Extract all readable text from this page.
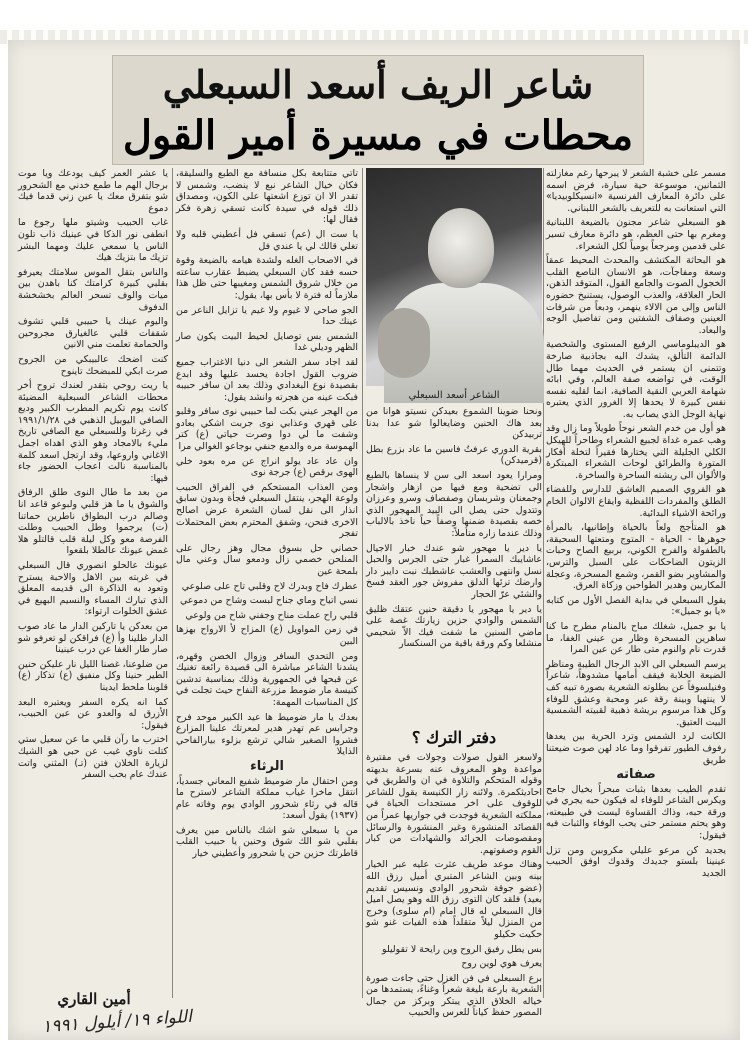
شاعر الريف أسعد السبعلي
محطات في مسيرة أمير القول

مسمر على خشبة الشعر لا يبرحها رغم مغازلته الثمانين، موسوعة حية سيارة، فرض اسمه على دائرة المعارف الفرنسية «انسيكلوبيديا» التي استعانت به للتعريف بالشعر اللبناني.

هو السبعلي شاعر مجنون بالضيعة اللبنانية ومغرم بها حتى العظم، هو دائرة معارف تسير على قدمين ومرجعاً يومياً لكل الشعراء.

هو البحاثة المكتشف والمحدث المحيط عمقاً وسعة ومفاجآت، هو الانسان الناصع القلب الخجول الصوت والجامع القول، المتوقد الذهن، الحار العلاقة، والعذب الوصول، يستنيخ حضوره الناس وإلى من الالاء ينهمر، ودبعاً من شرفات العينين وصفاف الشفتين ومن تفاصيل الوجه والبعاد.

هو الديبلوماسي الرفيع المستوى والشخصية الدائمة التألق، يشدك اليه بجاذبية صارخة وتتمنى ان يستمر في الحديث مهما طال الوقت، في تواضعه صفة العالم، وفي ابائه شهامة العربي النقية الصافية، انما لقليه نفسه نفس كبيرة لا يحدها إلا الغرور الذي يعتبره نهاية الوجل الذي يصاب به.

هو أول من خدم الشعر نوحاً طويلاً وما زال وقد وهب عمره غداة لجبيع الشعراء وطاحراً للهيكل الكلي الجليلة التي يختارها فقيراً لتخلة أفكار المتورة والطرائق لوحات الشعراء المبتكرة والألوان الى ريشته الساحرة والساخرة.

هو الفروي الصميم العاشق للدارس وللفضاء الطلق والمفردات اللفظية وايقاع الالوان الخام ورائحة الاشياء البدائية.

هو المتأجج ولعاً بالحياة وإطانيها، بالمرأة جوهرها - الحياة - المتوج ومتعتها السحيقة، بالطفولة والفرح الكوني، بربيع الصاح وحبات الزيتون الضاحكات على السبل والترس، والمشاوير بضو القمر، وشمع المسحرة، وعجلة المكاريين وهدير الطواحين وزكاة العرق.

يقول السبعلي في بداية الفصل الأول من كتابه «يا بو جميل»:

يا بو جميل، شغلك مباح بالمنام مطرح ما كنا ساهرين المسحرة وظار من عيني الغفا، ما قدرت نام والنوم متى طار عن عين المرا

يرسم السبعلي الى الابد الرجال الطيبة ومناظر الضيعة الخلابة فيقف أمامها مشدوهاً، شاعراً وفنيلسوفاً عن بطلوته الشعرية بصورة تبيه كف لا ينتهيا وبينة رقة عبر ومحبة وعشق للوفاء وكل هذا مرسوم بريشة ذهبية لقبيته الشمسية البيت العتيق.

الكانت لرد الشمس وترد الحرية بين يعدها رفوف الطيور تفرقوا وما عاد لهن صوت ضيعتنا طريق

صفاته

تقدم الطيب بعدها بثبات مبحراً بخيال جامح ويكرس الشاعر للوفاء له فيكون حبه يجري في ورقة حبه، وذاك القساوة ليست في طبيعته، وهو يحتم مستمر حتى يحب الوفاء والثبات فيه فيقول:

يجديد كن مرعو عليلي مكروبين ومن تزل عينينا بلستو جديدك وقدوك اوفق الحبيب الجديد

الشاعر أسعد السبعلي

ونحنا ضوينا الشموع بعيدكن نسيتو هوانا من بعد هاك الحنين وضايعالوا شو عدا بدنا تربيدكن

بقرية الدوري عرفتُ فاسين ما عاد بزرع بطل (قرميدكن)

ومرارا يعود اسعد الى سن لا ينساها بالطبع الى تضحية ومع فيها من ازهار واشجار وجمعنان وشربسان وصفصاف وسرو وعرزان وتتدول حتى يصل الى البيد المهجور الذي خصه بقصيدة ضمنها وصفاً حياً ناخذ بالالباب وذلك عندما زاره متأملاً:

يا دير يا مهجور شو عندك خبار الاجيال عاشايبك السمرا غبار حتى الجرس والحبل نسل وانتهى والعشب عاشطبك نبت دايبر دار وارضك ترئها الدلق مفروش جور العقد فسخ والشئي عرّ الحجار

يا دير يا مهجور يا دقيقة حنين عتقك ظليق الشمس والوادي حزين زيارتك غصة على ماضي السنين ما شفت فيك الاّ شحيمي منشلعا وكم ورقة باقية من السنكسار

دفتر الترك ؟

ولاسعر القول صولات وجولات في مقتيرة مواعدة وهو المعروف عنه بسرعة بديهته وقوله المتحكم والتلاوة في ان والطريق في احاديثكمرة. ولائنه زار الكنيسة يقول للشاعر للوقوف على اخر مستجدات الحياة في مملكته الشعرية فوجدت في جواريها عمراً من القصائد المنشورة وغير المنشورة والرسائل ومقصوصات الجرائد والشهادات من كبار القوم وصفوتهم.

وهناك موعد طريف عثرت عليه عبر الخيار بينه وبين الشاعر المتبري أميل رزق الله (عضو جوقة شحرور الوادي ونسيس تقديم بعيد) فلقد كان التوى رزق الله وهو يصل اميل قال السبعلي له قال امام (ام سلوى) وخرج من المنزل ليلاً متقلداً هذه الفيات غنو شو حكيت حكيلو

بس يطل رفيق الروح وين رايحة لا تقوليلو

يعرف هوي لوين روح

برع السبعلي في فن الغزل حتى جاءت صورة الشعرية بارعة بليغة شعراً وغناءً، يستمدها من خياله الخلاق الذي يبتكر وبركز من جمال المصور حفظ كياناً للعرس والحبيب

تاتي متتابعة بكل منسافة مع الطبع والسليقة، فكان خيال الشاعر نبع لا ينضب، وشمس لا تقدر الا ان توزع اشعتها على الكون، ومصداق ذلك قوله في سيدة كانت تسقي زهرة فكر فقال لها:

يا ست ال (عم) تسقي فل أعطيني قلبه ولا تغلي قالك لي يا عندي فل

في الاصحاب الغله ولشدة هيامه بالضيعة وقوة حسه فقد كان السبعلي يضبط عقارب ساعته من خلال شروق الشمس ومغيبها حتى ظل هذا ملازماً له فترة لا بأس بها، يقول:

الجو صاحي لا غيوم ولا غيم يا تزايل الناعر من عينك حدا

الشمس بس توصايل لحيط البيت يكون صار الظهر وديلي غدا

لقد اجاد سفر الشعر الى دنيا الاغتراب جميع ضروب القول اجادة يحسد عليها وقد ابدع بقصيدة نوع البغدادي وذلك بعد ان سافر حبيبه فبكت عينه من هجرته وانشد يقول:

من الهجر عيني بكت لما حبيبي نوى سافر وقلبو على قهري وعذابي نوى جربت اشكي بعادو وشفت ما لي دوا وصرت حياتي (ع) كتر الهموسة مره والدمع جنفي بوجاعو الغوالي مرا

وان عاد عاد يولو انراج عن مره بعود خلي الهوى برقص (ع) جرجة نوى

ومن العذاب المستحكم في الفراق الحبيب ولوعة الهجر، ينتقل السبعلي فجأة وبدون سابق انذار الى نقل لسان الشعرة عرض اصالح الاخرى فنحن، وشفق المحترم بعض المحتملات تفجر

حصاني حل بسوق مجال وهز رجال على المنلحن خصمي زال ودمعو سال وعني مال بلمحة عين

عطرك فاح وبدرك لاح وقلبي تاح على صلوعي

نسي اتياح وماي جناح لبست وشاح من دموعي

قلبي راح عملت مناح وجفني شاح من ولوعي

في زمن المواويل (ع) المزاح لأ الارواح بهزها البين

ومن التحدي السافر وزوال الخصن وقهره، يشدنا الشاعر مباشرة الى قصيدة رائعة تغنيك عن قبحها في الجمهورية وذلك بمناسبة تدشين كنيسة مار ضومط مزرعة النفاح حيث تجلت في كل المناسبات المهمة:

بعدك يا مار ضوميط ها عيد الكبير موحد فرح وجرابس عم تهدر هدير لمعرتك علينا المزارع فشروا الصغير شالي ترشع بزلوء بيارالفاحي الذايلا

الرثاء

ومن احتفال مار ضوميط شفيع المعاني جسدياً، انتقل ماخرا غياب مملكة الشاعر لاسترح ما قاله في رثاء شحرور الوادي يوم وفاته عام (١٩٣٧) يقول أسعد:

من يا سبعلي شو اشك بالناس مين يعرف بقلبي شو الك شوق وحنين يا حبيب القلب قاطرتك حزين حن يا شحرور وأعطيني خيار

يا عشر العمر كيف يودعك ويا موت برجال الهم ما طمع خدني مع الشحرور شو بتفرق معك يا عين زني قدما فيك دموع

غاب الحبيب وشيتو ملها رجوع ما انطفى نور الذكا في عينيك ذاب تلون الناس يا سمعي عليك ومهما البشر تزيك ما بتزيك هيك

والناس بتقل الموس سلامتك يعيرفو بقلبي كبيرة كرامتك كنا باهدن بين ميات والوف تسحر العالم بخشخشة الدفوف

واليوم عينك يا حبيبي قلبي تشوف شقفات قلبي عالغيارق مجروحين والحمامة تعلمت مني الانين

كنت اضحك عالبيبكي من الجروح صرت ابكي للمبضحك تاينوح

يا ريت روحي بتقدر لعندك تروح أخر محطات الشاعر السبعلية المضيئة كانت يوم تكريم المطرب الكبير وديع الصافي اليوبيل الذهبي في ١٩٩١/١/٢٨ في زغرتا وللسبعلي مع الصافي تاريخ مليء بالامجاد وهو الذي اهداه اجمل الاغاني واروعها، وقد ارتجل اسعد كلمة بالمناسبة نالت اعجاب الحضور جاء فيها:

من بعد ما طال النوى طلق الرفاق والشوق يا ما هز قلبي ولبوعو قاعد انا وصالم درب البطواق ناطرين حماتنا (ت) يرجموا وطل الحبيب وطلت الفرصة معو وكل ليلة قلب قالتلو هلا غمض عيونك عالطلا بلقعوا

عيونك عالحلو انصوري قال السبعلي في غربته بين الاهل والاحبة يسترح وتعود به الذاكرة الى قديمه المعلق الذي تبارك المساء والنسيم البهيع في عشق الخلوات ارتواء:

من بعدكن يا تاركين الدار ما عاد صوب الدار طلينا وأ (ع) فراقكن لو تعرفو شو صار طار الغفا عن درب عينينا

من ضلوعنا، غصنا الليل نار عليكن حنين الطير حنينا وكل منفيق (ع) تذكار (ع) قلوبنا ملحط ايدينا

كما انه يكره السفر ويعتبره البعد الأزرق له والعدو عن عين الحبيب، فيقول:

اخترب ما رآن قلبي ما عن سعيل ستي كتلت ناوي غيب عن حبي هو الشيك لزيارة الخلان فتن (تـ) المثني واتت عندك عام بحب السفر

أمين القاري
اللواء ١٩/ أيلول ١٩٩١
